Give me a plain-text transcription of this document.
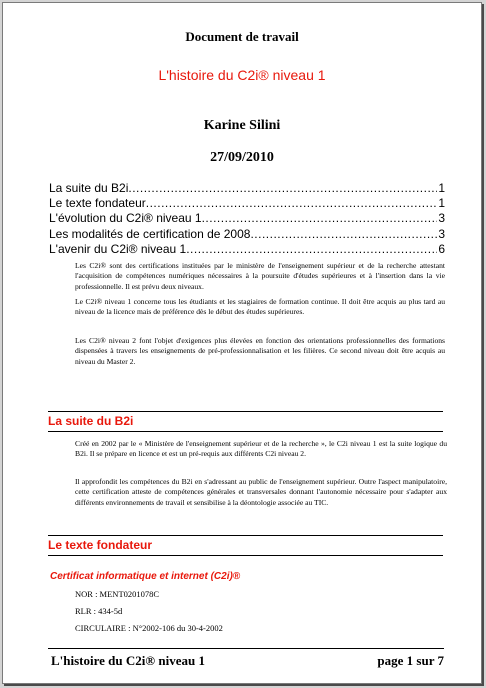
Document de travail
L'histoire du C2i® niveau 1
Karine Silini
27/09/2010
La suite du B2i .....	1
Le texte fondateur .....	1
L'évolution du C2i® niveau 1 .....	3
Les modalités de certification de 2008 .....	3
L'avenir du C2i® niveau 1 .....	6
Les C2i® sont des certifications instituées par le ministère de l'enseignement supérieur et de la recherche attestant l'acquisition de compétences numériques nécessaires à la poursuite d'études supérieures et à l'insertion dans la vie professionnelle. Il est prévu deux niveaux.
Le C2i® niveau 1 concerne tous les étudiants et les stagiaires de formation continue. Il doit être acquis au plus tard au niveau de la licence mais de préférence dès le début des études supérieures.
Les C2i® niveau 2 font l'objet d'exigences plus élevées en fonction des orientations professionnelles des formations dispensées à travers les enseignements de pré-professionnalisation et les filières. Ce second niveau doit être acquis au niveau du Master 2.
La suite du B2i
Créé en 2002 par le « Ministère de l'enseignement supérieur et de la recherche », le C2i niveau 1 est la suite logique du B2i. Il se prépare en licence et est un pré-requis aux différents C2i niveau 2.
Il approfondit les compétences du B2i en s'adressant au public de l'enseignement supérieur. Outre l'aspect manipulatoire, cette certification atteste de compétences générales et transversales donnant l'autonomie nécessaire pour s'adapter aux différents environnements de travail et sensibilise à la déontologie associée au TIC.
Le texte fondateur
Certificat informatique et internet (C2i)®
NOR : MENT0201078C
RLR : 434-5d
CIRCULAIRE : N°2002-106 du 30-4-2002
L'histoire du C2i® niveau 1	page 1 sur 7
